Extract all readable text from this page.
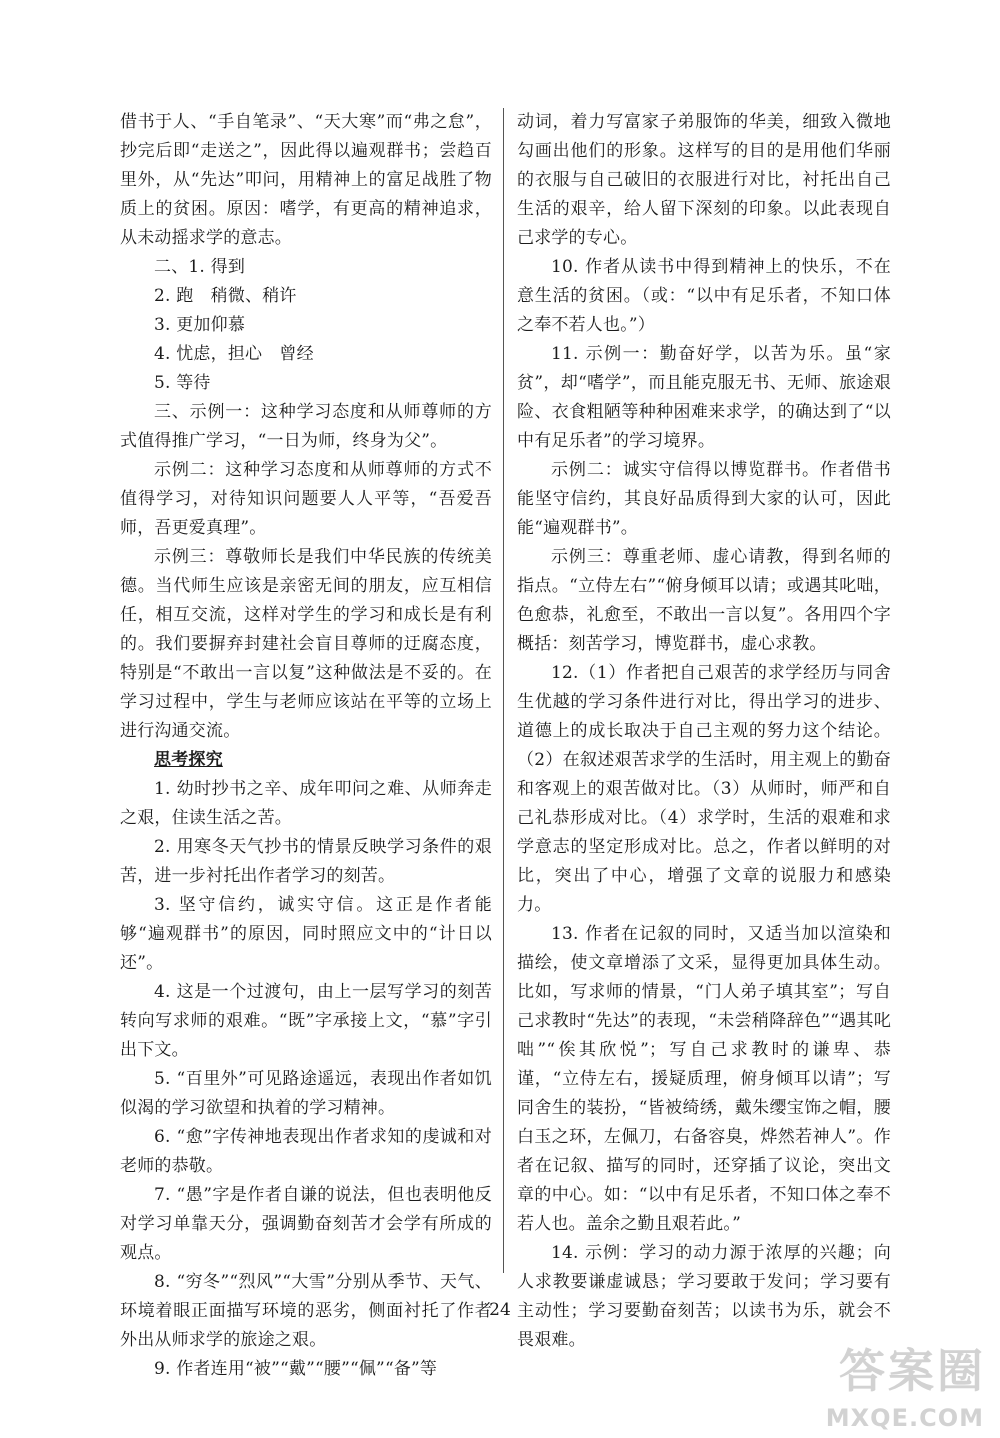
借书于人、“手自笔录”、“天大寒”而“弗之怠”，抄完后即“走送之”，因此得以遍观群书；尝趋百里外，从“先达”叩问，用精神上的富足战胜了物质上的贫困。原因：嗜学，有更高的精神追求，从未动摇求学的意志。

二、1. 得到

2. 跑　稍微、稍许

3. 更加仰慕

4. 忧虑，担心　曾经

5. 等待

三、示例一：这种学习态度和从师尊师的方式值得推广学习，“一日为师，终身为父”。

示例二：这种学习态度和从师尊师的方式不值得学习，对待知识问题要人人平等，“吾爱吾师，吾更爱真理”。

示例三：尊敬师长是我们中华民族的传统美德。当代师生应该是亲密无间的朋友，应互相信任，相互交流，这样对学生的学习和成长是有利的。我们要摒弃封建社会盲目尊师的迂腐态度，特别是“不敢出一言以复”这种做法是不妥的。在学习过程中，学生与老师应该站在平等的立场上进行沟通交流。

思考探究

1. 幼时抄书之辛、成年叩问之难、从师奔走之艰，住读生活之苦。

2. 用寒冬天气抄书的情景反映学习条件的艰苦，进一步衬托出作者学习的刻苦。

3. 坚守信约，诚实守信。这正是作者能够“遍观群书”的原因，同时照应文中的“计日以还”。

4. 这是一个过渡句，由上一层写学习的刻苦转向写求师的艰难。“既”字承接上文，“慕”字引出下文。

5. “百里外”可见路途遥远，表现出作者如饥似渴的学习欲望和执着的学习精神。

6. “愈”字传神地表现出作者求知的虔诚和对老师的恭敬。

7. “愚”字是作者自谦的说法，但也表明他反对学习单靠天分，强调勤奋刻苦才会学有所成的观点。

8. “穷冬”“烈风”“大雪”分别从季节、天气、环境着眼正面描写环境的恶劣，侧面衬托了作者外出从师求学的旅途之艰。

9. 作者连用“被”“戴”“腰”“佩”“备”等

动词，着力写富家子弟服饰的华美，细致入微地勾画出他们的形象。这样写的目的是用他们华丽的衣服与自己破旧的衣服进行对比，衬托出自己生活的艰辛，给人留下深刻的印象。以此表现自己求学的专心。

10. 作者从读书中得到精神上的快乐，不在意生活的贫困。（或：“以中有足乐者，不知口体之奉不若人也。”）

11. 示例一：勤奋好学，以苦为乐。虽“家贫”，却“嗜学”，而且能克服无书、无师、旅途艰险、衣食粗陋等种种困难来求学，的确达到了“以中有足乐者”的学习境界。

示例二：诚实守信得以博览群书。作者借书能坚守信约，其良好品质得到大家的认可，因此能“遍观群书”。

示例三：尊重老师、虚心请教，得到名师的指点。“立侍左右”“俯身倾耳以请；或遇其叱咄，色愈恭，礼愈至，不敢出一言以复”。各用四个字概括：刻苦学习，博览群书，虚心求教。

12.（1）作者把自己艰苦的求学经历与同舍生优越的学习条件进行对比，得出学习的进步、道德上的成长取决于自己主观的努力这个结论。（2）在叙述艰苦求学的生活时，用主观上的勤奋和客观上的艰苦做对比。（3）从师时，师严和自己礼恭形成对比。（4）求学时，生活的艰难和求学意志的坚定形成对比。总之，作者以鲜明的对比，突出了中心，增强了文章的说服力和感染力。

13. 作者在记叙的同时，又适当加以渲染和描绘，使文章增添了文采，显得更加具体生动。比如，写求师的情景，“门人弟子填其室”；写自己求教时“先达”的表现，“未尝稍降辞色”“遇其叱咄”“俟其欣悦”；写自己求教时的谦卑、恭谨，“立侍左右，援疑质理，俯身倾耳以请”；写同舍生的装扮，“皆被绮绣，戴朱缨宝饰之帽，腰白玉之环，左佩刀，右备容臭，烨然若神人”。作者在记叙、描写的同时，还穿插了议论，突出文章的中心。如：“以中有足乐者，不知口体之奉不若人也。盖余之勤且艰若此。”

14. 示例：学习的动力源于浓厚的兴趣；向人求教要谦虚诚恳；学习要敢于发问；学习要有主动性；学习要勤奋刻苦；以读书为乐，就会不畏艰难。

24
答案圈
MXQE.COM
